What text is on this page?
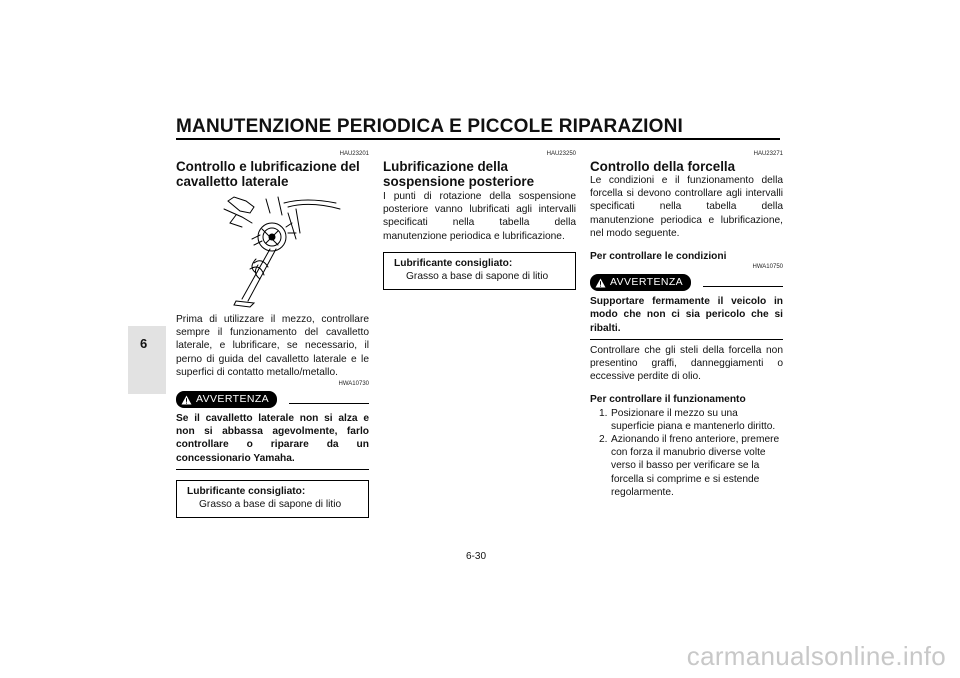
MANUTENZIONE PERIODICA E PICCOLE RIPARAZIONI
6
HAU23201
Controllo e lubrificazione del cavalletto laterale
Prima di utilizzare il mezzo, controllare sempre il funzionamento del cavalletto laterale, e lubrificare, se necessario, il perno di guida del cavalletto laterale e le superfici di contatto metallo/metallo.
HWA10730
AVVERTENZA
Se il cavalletto laterale non si alza e non si abbassa agevolmente, farlo controllare o riparare da un concessionario Yamaha.
Lubrificante consigliato:
Grasso a base di sapone di litio
HAU23250
Lubrificazione della sospensione posteriore
I punti di rotazione della sospensione posteriore vanno lubrificati agli intervalli specificati nella tabella della manutenzione periodica e lubrificazione.
Lubrificante consigliato:
Grasso a base di sapone di litio
HAU23271
Controllo della forcella
Le condizioni e il funzionamento della forcella si devono controllare agli intervalli specificati nella tabella della manutenzione periodica e lubrificazione, nel modo seguente.
Per controllare le condizioni
HWA10750
AVVERTENZA
Supportare fermamente il veicolo in modo che non ci sia pericolo che si ribalti.
Controllare che gli steli della forcella non presentino graffi, danneggiamenti o eccessive perdite di olio.
Per controllare il funzionamento
1. Posizionare il mezzo su una superficie piana e mantenerlo diritto.
2. Azionando il freno anteriore, premere con forza il manubrio diverse volte verso il basso per verificare se la forcella si comprime e si estende regolarmente.
6-30
carmanualsonline.info
